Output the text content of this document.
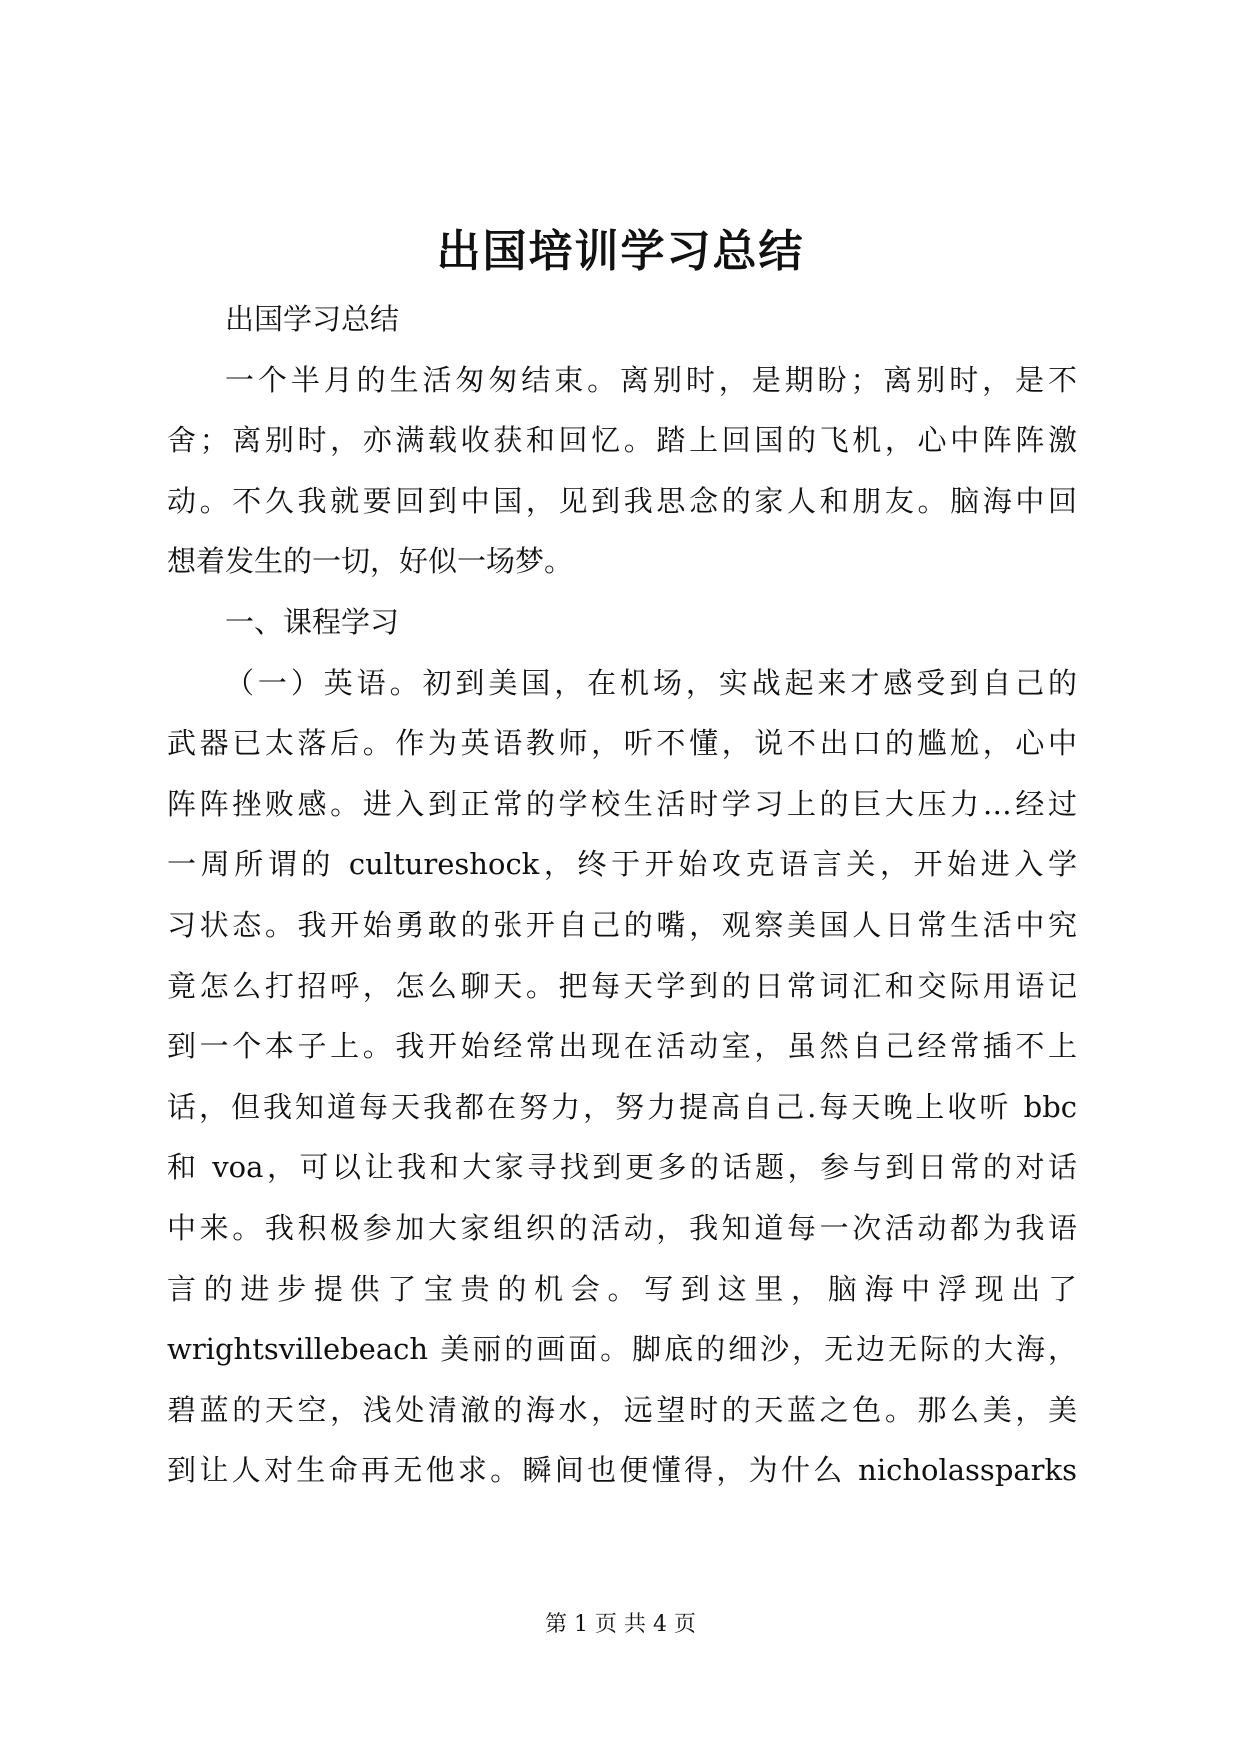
出国培训学习总结
出国学习总结
一个半月的生活匆匆结束。离别时，是期盼；离别时，是不
舍；离别时，亦满载收获和回忆。踏上回国的飞机，心中阵阵激
动。不久我就要回到中国，见到我思念的家人和朋友。脑海中回
想着发生的一切，好似一场梦。
一、课程学习
（一）英语。初到美国，在机场，实战起来才感受到自己的
武器已太落后。作为英语教师，听不懂，说不出口的尴尬，心中
阵阵挫败感。进入到正常的学校生活时学习上的巨大压力…经过
一周所谓的 cultureshock，终于开始攻克语言关，开始进入学
习状态。我开始勇敢的张开自己的嘴，观察美国人日常生活中究
竟怎么打招呼，怎么聊天。把每天学到的日常词汇和交际用语记
到一个本子上。我开始经常出现在活动室，虽然自己经常插不上
话，但我知道每天我都在努力，努力提高自己.每天晚上收听 bbc
和 voa，可以让我和大家寻找到更多的话题，参与到日常的对话
中来。我积极参加大家组织的活动，我知道每一次活动都为我语
言的进步提供了宝贵的机会。写到这里，脑海中浮现出了
wrightsvillebeach 美丽的画面。脚底的细沙，无边无际的大海，
碧蓝的天空，浅处清澈的海水，远望时的天蓝之色。那么美，美
到让人对生命再无他求。瞬间也便懂得，为什么 nicholassparks
第 1 页 共 4 页
